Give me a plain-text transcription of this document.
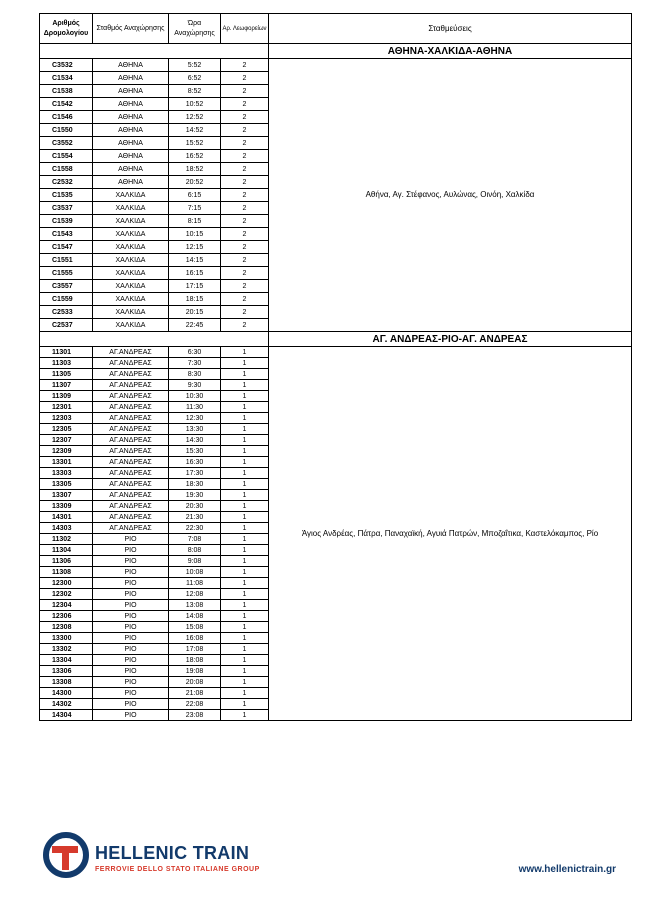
Αριθμός Δρομολογίου	Σταθμός Αναχώρησης	Ώρα Αναχώρησης	Αρ. Λεωφορείων	Σταθμεύσεις
				ΑΘΗΝΑ-ΧΑΛΚΙΔΑ-ΑΘΗΝΑ
C3532	ΑΘΗΝΑ	5:52	2	Αθήνα, Αγ. Στέφανος, Αυλώνας, Οινόη, Χαλκίδα
C1534	ΑΘΗΝΑ	6:52	2	
C1538	ΑΘΗΝΑ	8:52	2	
C1542	ΑΘΗΝΑ	10:52	2	
C1546	ΑΘΗΝΑ	12:52	2	
C1550	ΑΘΗΝΑ	14:52	2	
C3552	ΑΘΗΝΑ	15:52	2	
C1554	ΑΘΗΝΑ	16:52	2	
C1558	ΑΘΗΝΑ	18:52	2	
C2532	ΑΘΗΝΑ	20:52	2	
C1535	ΧΑΛΚΙΔΑ	6:15	2	
C3537	ΧΑΛΚΙΔΑ	7:15	2	
C1539	ΧΑΛΚΙΔΑ	8:15	2	
C1543	ΧΑΛΚΙΔΑ	10:15	2	
C1547	ΧΑΛΚΙΔΑ	12:15	2	
C1551	ΧΑΛΚΙΔΑ	14:15	2	
C1555	ΧΑΛΚΙΔΑ	16:15	2	
C3557	ΧΑΛΚΙΔΑ	17:15	2	
C1559	ΧΑΛΚΙΔΑ	18:15	2	
C2533	ΧΑΛΚΙΔΑ	20:15	2	
C2537	ΧΑΛΚΙΔΑ	22:45	2	
				ΑΓ. ΑΝΔΡΕΑΣ-ΡΙΟ-ΑΓ. ΑΝΔΡΕΑΣ
11301	ΑΓ.ΑΝΔΡΕΑΣ	6:30	1	Άγιος Ανδρέας, Πάτρα, Παναχαϊκή, Αγυιά Πατρών, Μποζαΐτικα, Καστελόκαμπος, Ρίο
11303	ΑΓ.ΑΝΔΡΕΑΣ	7:30	1	
11305	ΑΓ.ΑΝΔΡΕΑΣ	8:30	1	
11307	ΑΓ.ΑΝΔΡΕΑΣ	9:30	1	
11309	ΑΓ.ΑΝΔΡΕΑΣ	10:30	1	
12301	ΑΓ.ΑΝΔΡΕΑΣ	11:30	1	
12303	ΑΓ.ΑΝΔΡΕΑΣ	12:30	1	
12305	ΑΓ.ΑΝΔΡΕΑΣ	13:30	1	
12307	ΑΓ.ΑΝΔΡΕΑΣ	14:30	1	
12309	ΑΓ.ΑΝΔΡΕΑΣ	15:30	1	
13301	ΑΓ.ΑΝΔΡΕΑΣ	16:30	1	
13303	ΑΓ.ΑΝΔΡΕΑΣ	17:30	1	
13305	ΑΓ.ΑΝΔΡΕΑΣ	18:30	1	
13307	ΑΓ.ΑΝΔΡΕΑΣ	19:30	1	
13309	ΑΓ.ΑΝΔΡΕΑΣ	20:30	1	
14301	ΑΓ.ΑΝΔΡΕΑΣ	21:30	1	
14303	ΑΓ.ΑΝΔΡΕΑΣ	22:30	1	
11302	ΡΙΟ	7:08	1	
11304	ΡΙΟ	8:08	1	
11306	ΡΙΟ	9:08	1	
11308	ΡΙΟ	10:08	1	
12300	ΡΙΟ	11:08	1	
12302	ΡΙΟ	12:08	1	
12304	ΡΙΟ	13:08	1	
12306	ΡΙΟ	14:08	1	
12308	ΡΙΟ	15:08	1	
13300	ΡΙΟ	16:08	1	
13302	ΡΙΟ	17:08	1	
13304	ΡΙΟ	18:08	1	
13306	ΡΙΟ	19:08	1	
13308	ΡΙΟ	20:08	1	
14300	ΡΙΟ	21:08	1	
14302	ΡΙΟ	22:08	1	
14304	ΡΙΟ	23:08	1	
HELLENIC TRAIN
FERROVIE DELLO STATO ITALIANE GROUP	www.hellenictrain.gr
